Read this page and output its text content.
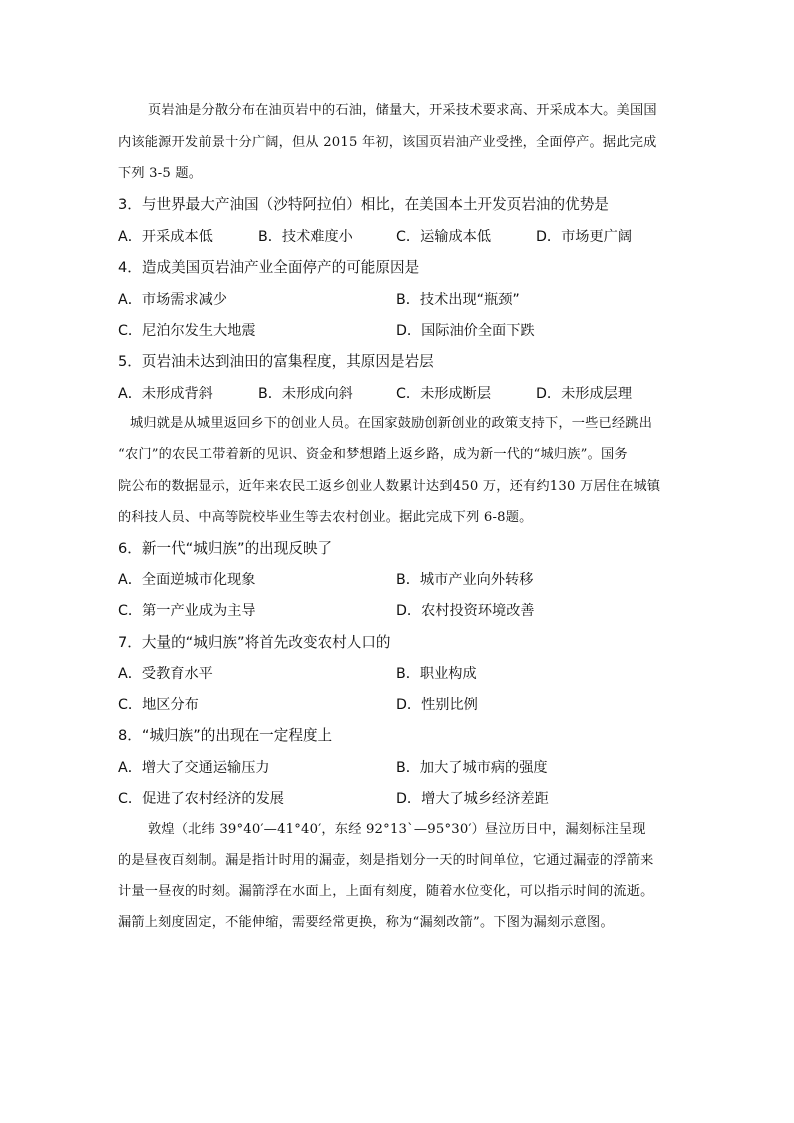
页岩油是分散分布在油页岩中的石油，储量大，开采技术要求高、开采成本大。美国国
内该能源开发前景十分广阔，但从 2015 年初，该国页岩油产业受挫，全面停产。据此完成
下列 3-5 题。
3．与世界最大产油国（沙特阿拉伯）相比，在美国本土开发页岩油的优势是
A．开采成本低	B．技术难度小	C．运输成本低	D．市场更广阔
4．造成美国页岩油产业全面停产的可能原因是
A．市场需求减少	B．技术出现“瓶颈”
C．尼泊尔发生大地震	D．国际油价全面下跌
5．页岩油未达到油田的富集程度，其原因是岩层
A．未形成背斜	B．未形成向斜	C．未形成断层	D．未形成层理
城归就是从城里返回乡下的创业人员。在国家鼓励创新创业的政策支持下，一些已经跳出
“农门”的农民工带着新的见识、资金和梦想踏上返乡路，成为新一代的“城归族”。国务
院公布的数据显示，近年来农民工返乡创业人数累计达到450 万，还有约130 万居住在城镇
的科技人员、中高等院校毕业生等去农村创业。据此完成下列 6-8题。
6．新一代“城归族”的出现反映了
A．全面逆城市化现象	B．城市产业向外转移
C．第一产业成为主导	D．农村投资环境改善
7．大量的“城归族”将首先改变农村人口的
A．受教育水平	B．职业构成
C．地区分布	D．性别比例
8．“城归族”的出现在一定程度上
A．增大了交通运输压力	B．加大了城市病的强度
C．促进了农村经济的发展	D．增大了城乡经济差距
敦煌（北纬 39°40′—41°40′，东经 92°13`—95°30′）昼泣历日中，漏刻标注呈现
的是昼夜百刻制。漏是指计时用的漏壶，刻是指划分一天的时间单位，它通过漏壶的浮箭来
计量一昼夜的时刻。漏箭浮在水面上，上面有刻度，随着水位变化，可以指示时间的流逝。
漏箭上刻度固定，不能伸缩，需要经常更换，称为“漏刻改箭”。下图为漏刻示意图。
